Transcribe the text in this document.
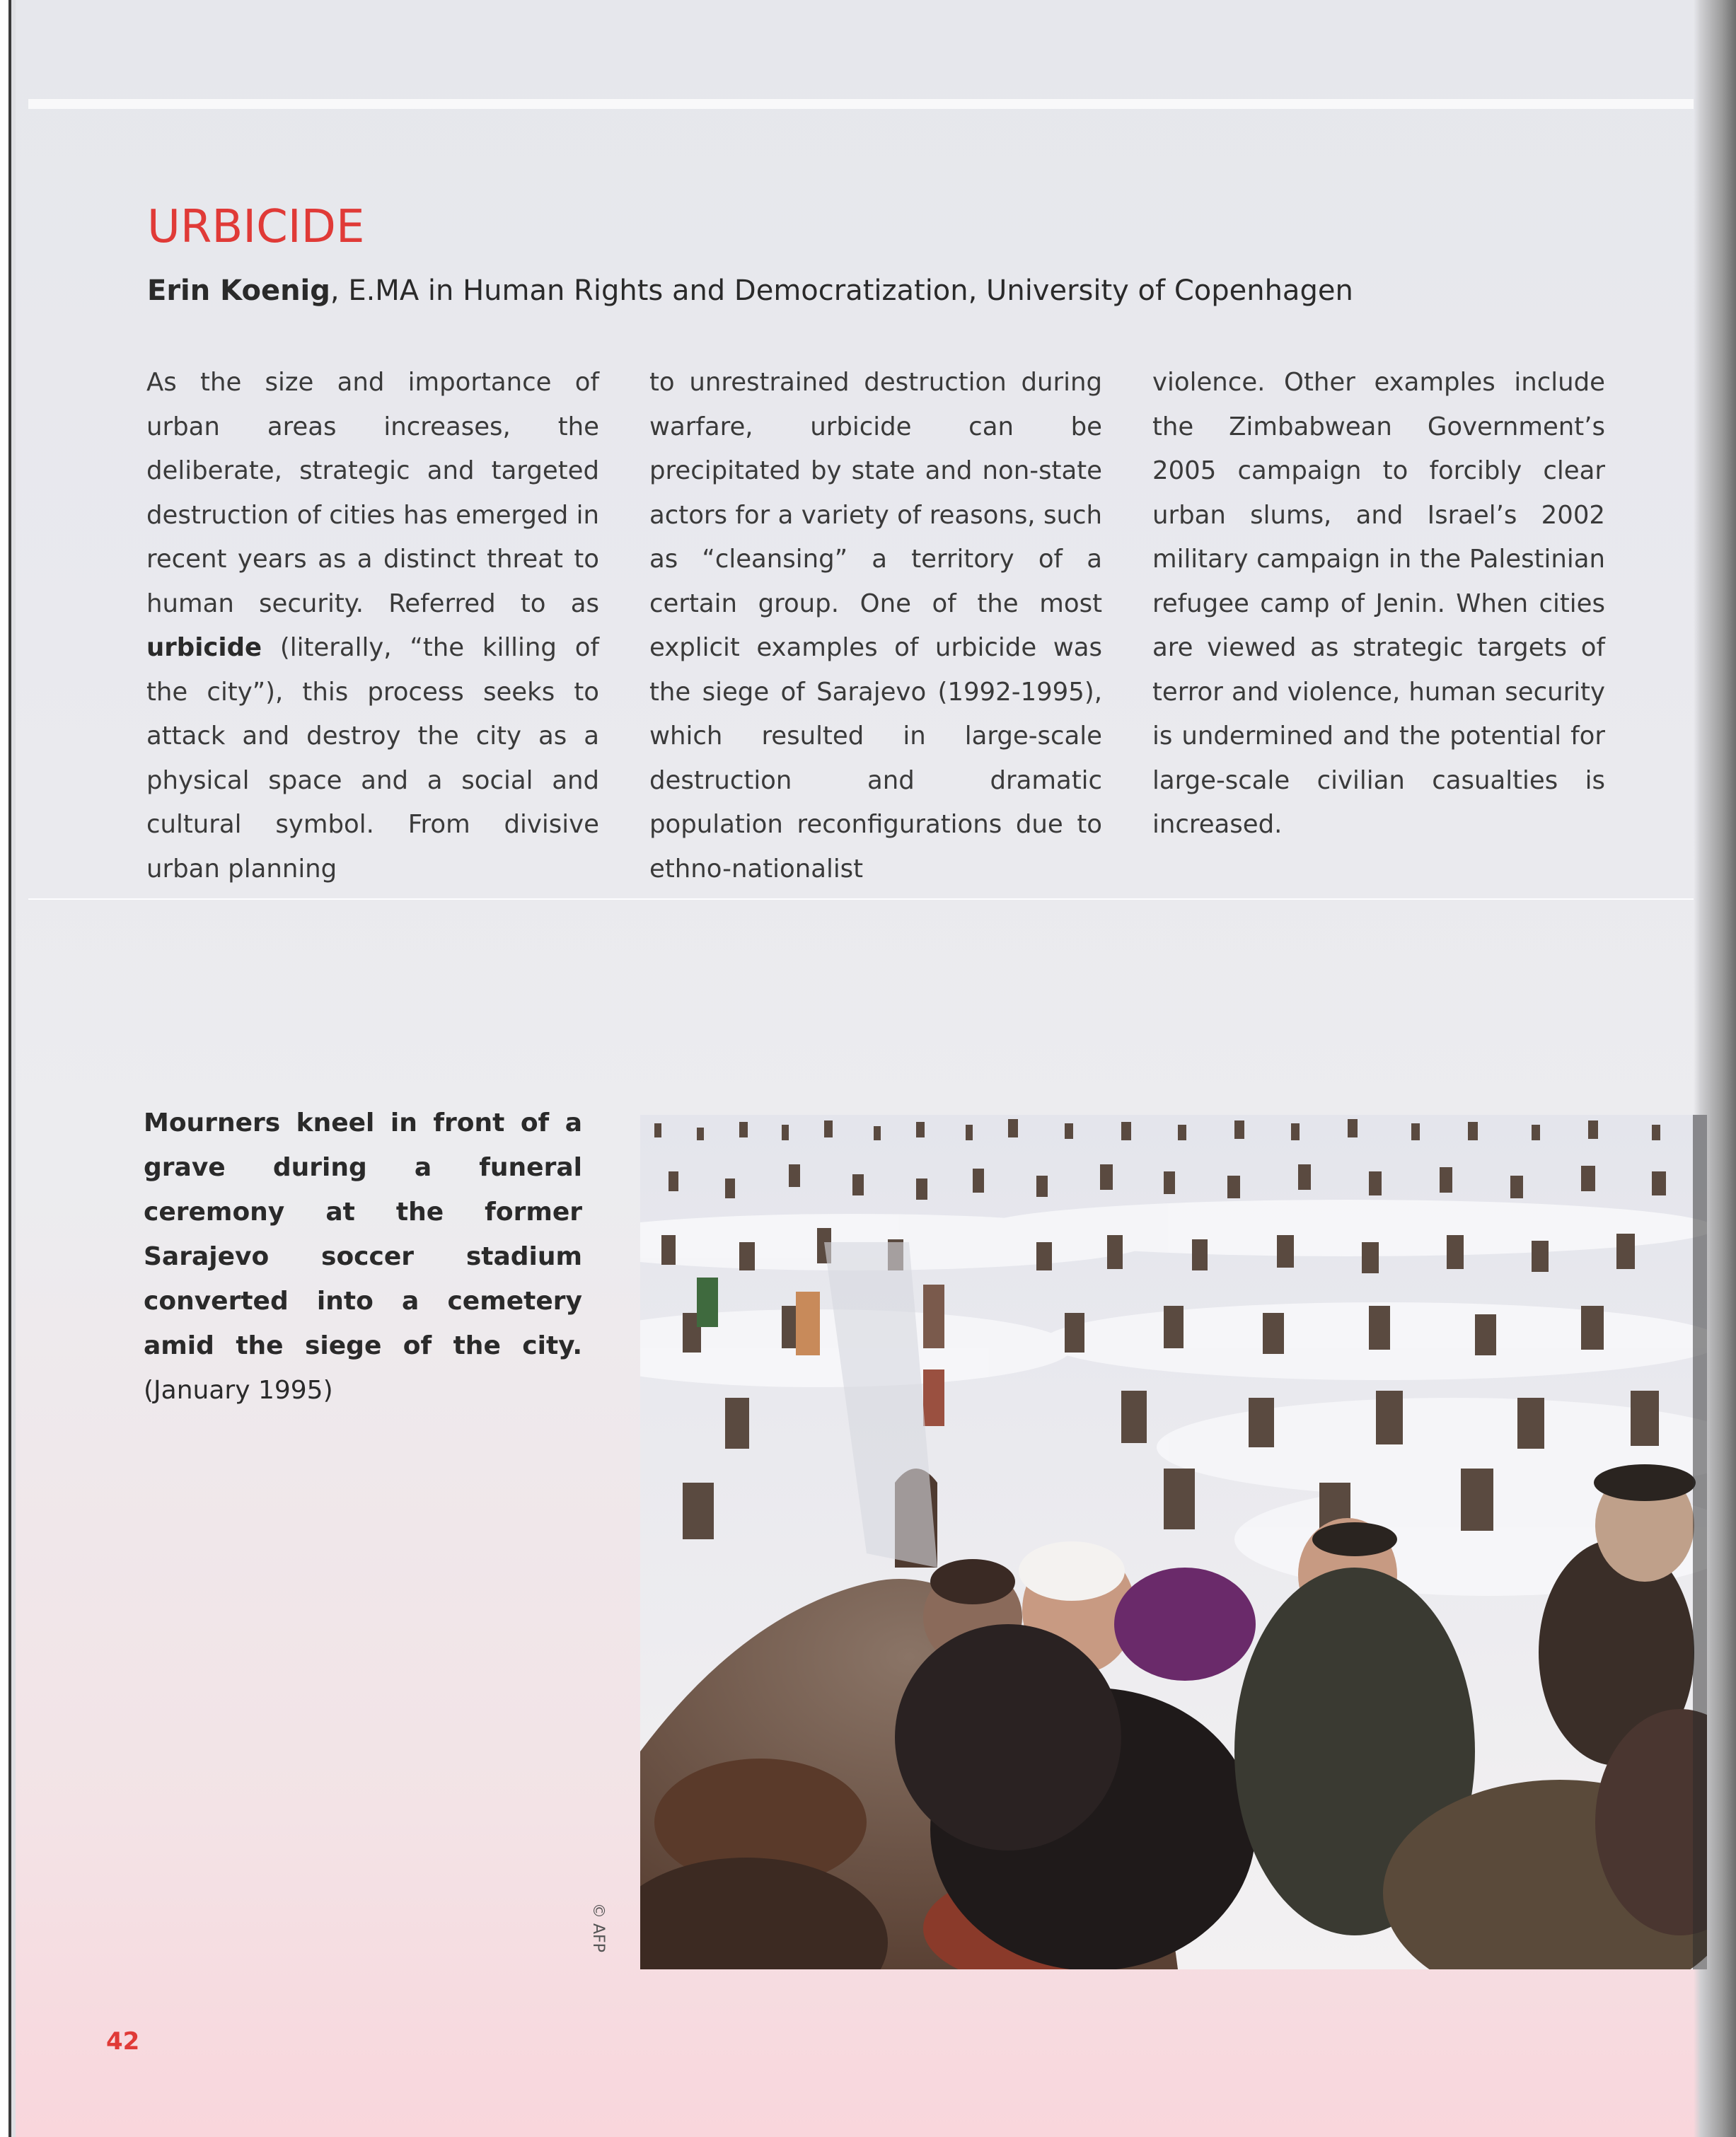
URBICIDE

Erin Koenig, E.MA in Human Rights and Democratization, University of Copenhagen

As the size and importance of urban areas increases, the deliberate, strategic and targeted destruction of cities has emerged in recent years as a distinct threat to human security. Referred to as urbicide (literally, “the killing of the city”), this process seeks to attack and destroy the city as a physical space and a social and cultural symbol. From divisive urban planning

to unrestrained destruction during warfare, urbicide can be precipitated by state and non-state actors for a variety of reasons, such as “cleansing” a territory of a certain group. One of the most explicit examples of urbicide was the siege of Sarajevo (1992-1995), which resulted in large-scale destruction and dramatic population reconfigurations due to ethno-nationalist

violence. Other examples include the Zimbabwean Government’s 2005 campaign to forcibly clear urban slums, and Israel’s 2002 military campaign in the Palestinian refugee camp of Jenin. When cities are viewed as strategic targets of terror and violence, human security is undermined and the potential for large-scale civilian casualties is increased.

Mourners kneel in front of a grave during a funeral ceremony at the former Sarajevo soccer stadium converted into a cemetery amid the siege of the city. (January 1995)

© AFP
42
